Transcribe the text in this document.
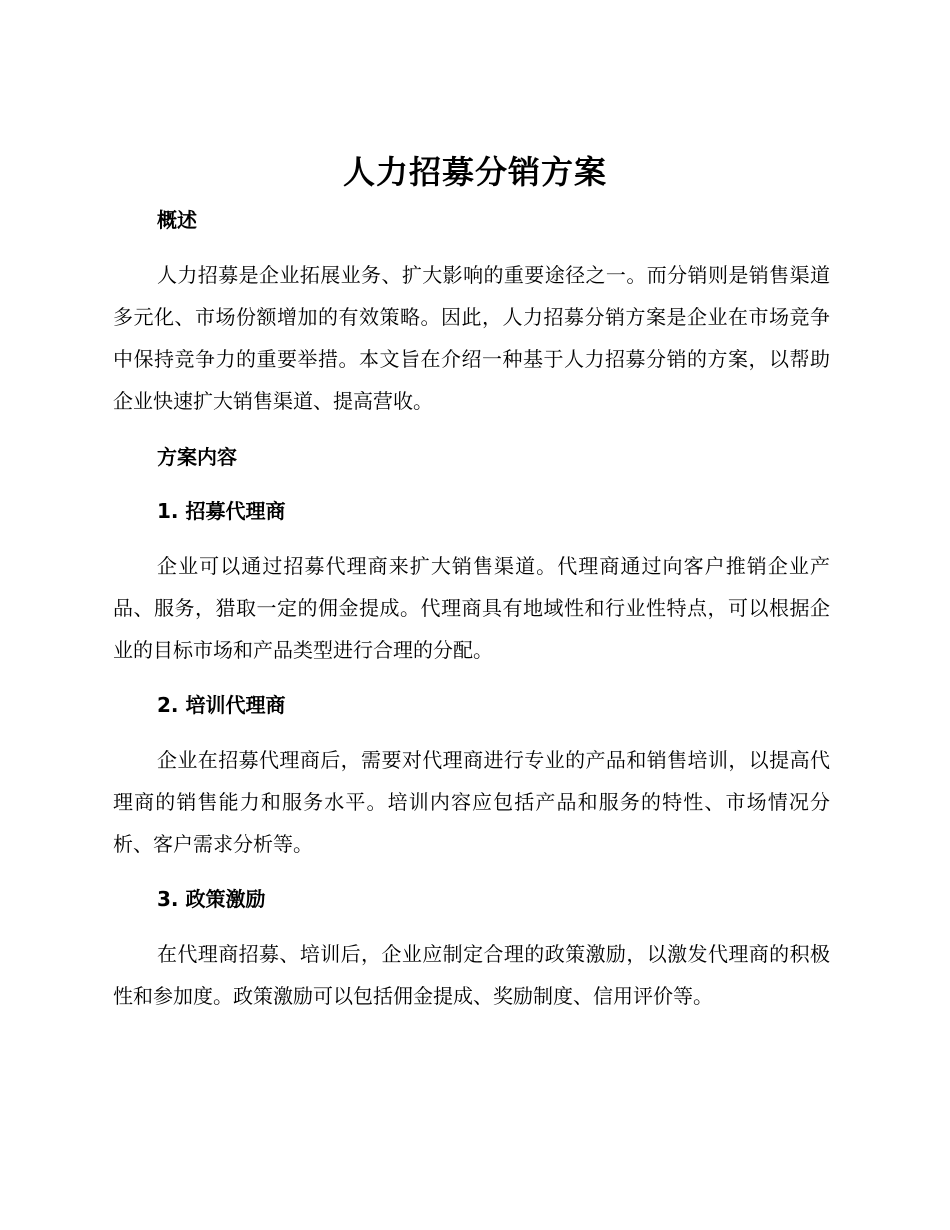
人力招募分销方案
概述
人力招募是企业拓展业务、扩大影响的重要途径之一。而分销则是销售渠道多元化、市场份额增加的有效策略。因此，人力招募分销方案是企业在市场竞争中保持竞争力的重要举措。本文旨在介绍一种基于人力招募分销的方案，以帮助企业快速扩大销售渠道、提高营收。
方案内容
1. 招募代理商
企业可以通过招募代理商来扩大销售渠道。代理商通过向客户推销企业产品、服务，猎取一定的佣金提成。代理商具有地域性和行业性特点，可以根据企业的目标市场和产品类型进行合理的分配。
2. 培训代理商
企业在招募代理商后，需要对代理商进行专业的产品和销售培训，以提高代理商的销售能力和服务水平。培训内容应包括产品和服务的特性、市场情况分析、客户需求分析等。
3. 政策激励
在代理商招募、培训后，企业应制定合理的政策激励，以激发代理商的积极性和参加度。政策激励可以包括佣金提成、奖励制度、信用评价等。
